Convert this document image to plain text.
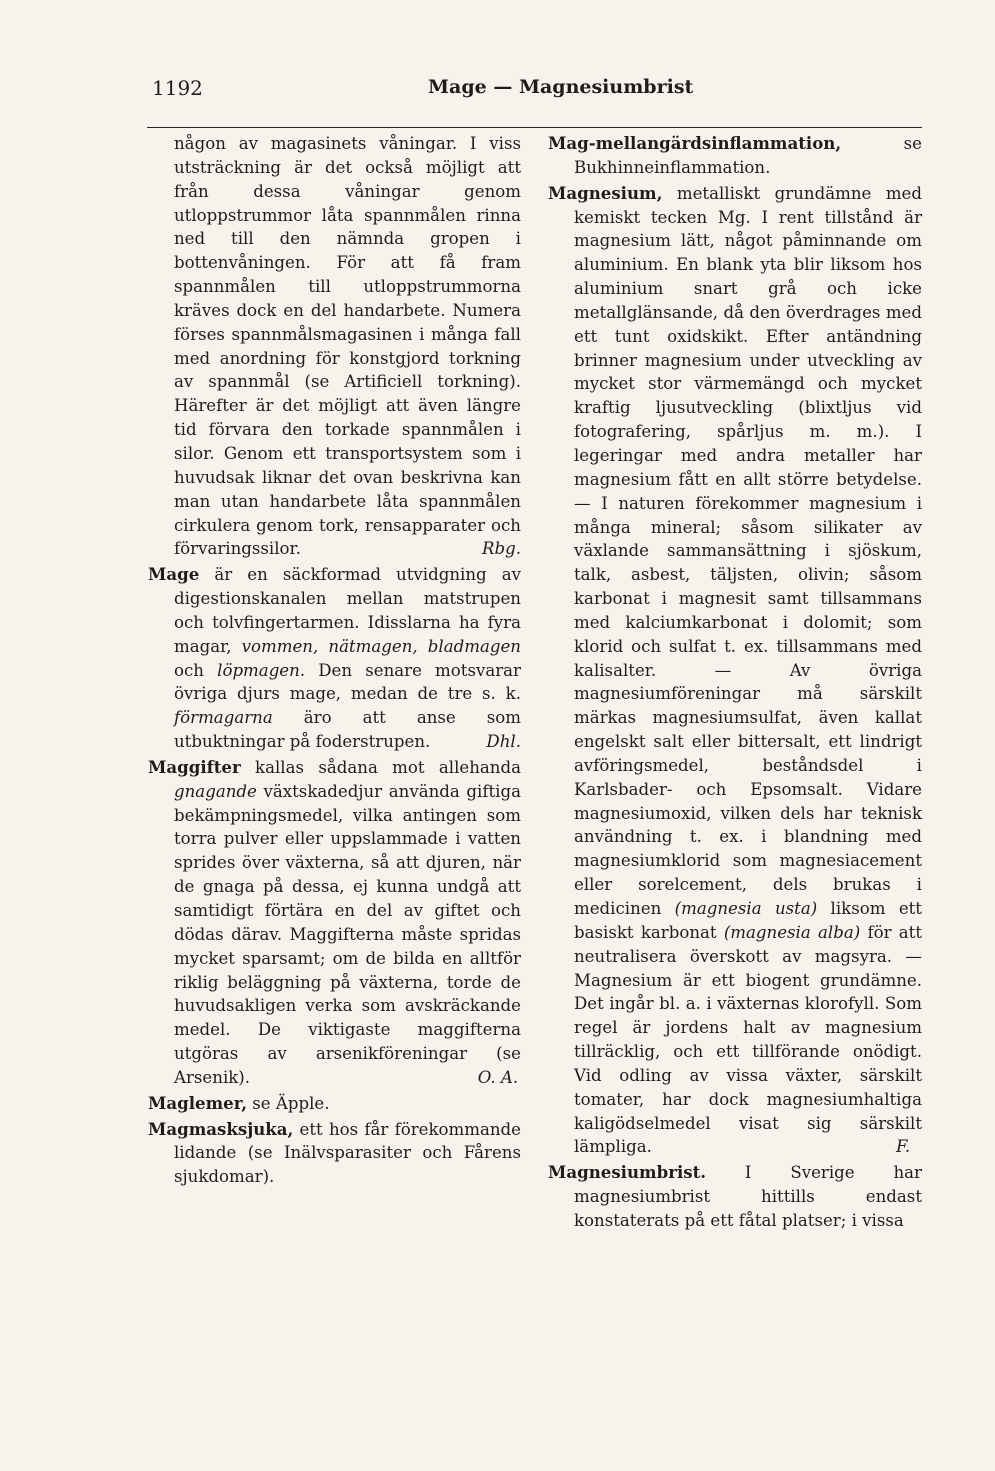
1192	Mage — Magnesiumbrist

någon av magasinets våningar. I viss utsträckning är det också möjligt att från dessa våningar genom utloppstrummor låta spannmålen rinna ned till den nämnda gropen i bottenvåningen. För att få fram spannmålen till utloppstrummorna kräves dock en del handarbete. Numera förses spannmålsmagasinen i många fall med anordning för konstgjord torkning av spannmål (se Artificiell torkning). Härefter är det möjligt att även längre tid förvara den torkade spannmålen i silor. Genom ett transportsystem som i huvudsak liknar det ovan beskrivna kan man utan handarbete låta spannmålen cirkulera genom tork, rensapparater och förvaringssilor.	Rbg.

Mage är en säckformad utvidgning av digestionskanalen mellan matstrupen och tolvfingertarmen. Idisslarna ha fyra magar, vommen, nätmagen, bladmagen och löpmagen. Den senare motsvarar övriga djurs mage, medan de tre s. k. förmagarna äro att anse som utbuktningar på foderstrupen.	Dhl.

Maggifter kallas sådana mot allehanda gnagande växtskadedjur använda giftiga bekämpningsmedel, vilka antingen som torra pulver eller uppslammade i vatten sprides över växterna, så att djuren, när de gnaga på dessa, ej kunna undgå att samtidigt förtära en del av giftet och dödas därav. Maggifterna måste spridas mycket sparsamt; om de bilda en alltför riklig beläggning på växterna, torde de huvudsakligen verka som avskräckande medel. De viktigaste maggifterna utgöras av arsenikföreningar (se Arsenik).	O. A.

Maglemer, se Äpple.

Magmasksjuka, ett hos får förekommande lidande (se Inälvsparasiter och Fårens sjukdomar).

Mag-mellangärdsinflammation, se Bukhinneinflammation.

Magnesium, metalliskt grundämne med kemiskt tecken Mg. I rent tillstånd är magnesium lätt, något påminnande om aluminium. En blank yta blir liksom hos aluminium snart grå och icke metallglänsande, då den överdrages med ett tunt oxidskikt. Efter antändning brinner magnesium under utveckling av mycket stor värmemängd och mycket kraftig ljusutveckling (blixtljus vid fotografering, spårljus m. m.). I legeringar med andra metaller har magnesium fått en allt större betydelse. — I naturen förekommer magnesium i många mineral; såsom silikater av växlande sammansättning i sjöskum, talk, asbest, täljsten, olivin; såsom karbonat i magnesit samt tillsammans med kalciumkarbonat i dolomit; som klorid och sulfat t. ex. tillsammans med kalisalter. — Av övriga magnesiumföreningar må särskilt märkas magnesiumsulfat, även kallat engelskt salt eller bittersalt, ett lindrigt avföringsmedel, beståndsdel i Karlsbader- och Epsomsalt. Vidare magnesiumoxid, vilken dels har teknisk användning t. ex. i blandning med magnesiumklorid som magnesiacement eller sorelcement, dels brukas i medicinen (magnesia usta) liksom ett basiskt karbonat (magnesia alba) för att neutralisera överskott av magsyra. — Magnesium är ett biogent grundämne. Det ingår bl. a. i växternas klorofyll. Som regel är jordens halt av magnesium tillräcklig, och ett tillförande onödigt. Vid odling av vissa växter, särskilt tomater, har dock magnesiumhaltiga kaligödselmedel visat sig särskilt lämpliga.	F.

Magnesiumbrist. I Sverige har magnesiumbrist hittills endast konstaterats på ett fåtal platser; i vissa
